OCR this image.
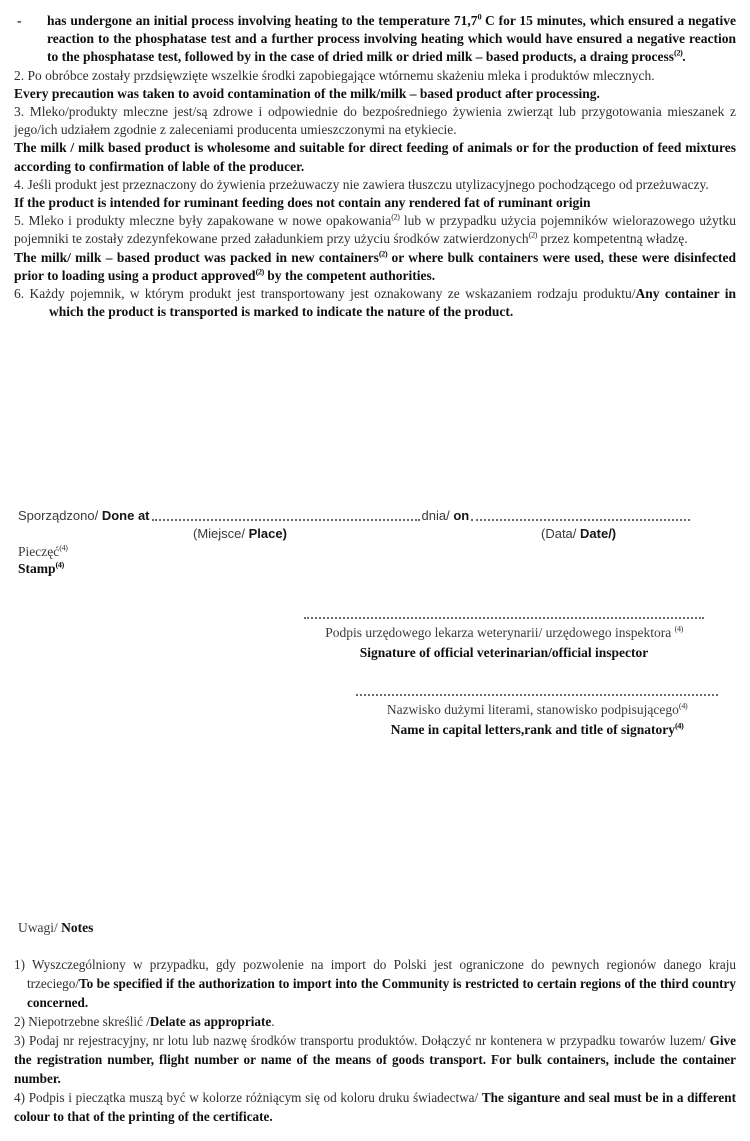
- has undergone an initial process involving heating to the temperature 71,7$^0$ C for 15 minutes, which ensured a negative reaction to the phosphatase test and a further process involving heating which would have ensured a negative reaction to the phosphatase test, followed by in the case of dried milk or dried milk – based products, a draing process$^{(2)}$.

2. Po obróbce zostały przdsięwzięte wszelkie środki zapobiegające wtórnemu skażeniu mleka i produktów mlecznych.

Every precaution was taken to avoid contamination of the milk/milk – based product after processing.

3. Mleko/produkty mleczne jest/są zdrowe i odpowiednie do bezpośredniego żywienia zwierząt lub przygotowania mieszanek z jego/ich udziałem zgodnie z zaleceniami producenta umieszczonymi na etykiecie.

The milk / milk based product is wholesome and suitable for direct feeding of animals or for the production of feed mixtures according to confirmation of lable of the producer.

4. Jeśli produkt jest przeznaczony do żywienia przeżuwaczy nie zawiera tłuszczu utylizacyjnego pochodzącego od przeżuwaczy.

If the product is intended for ruminant feeding does not contain any rendered fat of ruminant origin

5. Mleko i produkty mleczne były zapakowane w nowe opakowania$^{(2)}$ lub w przypadku użycia pojemników wielorazowego użytku pojemniki te zostały zdezynfekowane przed załadunkiem przy użyciu środków zatwierdzonych$^{(2)}$ przez kompetentną władzę.

The milk/ milk – based product was packed in new containers$^{(2)}$ or where bulk containers were used, these were disinfected prior to loading using a product approved$^{(2)}$ by the competent authorities.

6. Każdy pojemnik, w którym produkt jest transportowany jest oznakowany ze wskazaniem rodzaju produktu/Any container in which the product is transported is marked to indicate the nature of the product.

Sporządzono/ Done at	dnia/ on
(Miejsce/ Place)	(Data/ Date/)
Pieczęć$^{(4)}$
Stamp$^{(4)}$
Podpis urzędowego lekarza weterynarii/ urzędowego inspektora $^{(4)}$
Signature of official veterinarian/official inspector
Nazwisko dużymi literami, stanowisko podpisującego$^{(4)}$
Name in capital letters,rank and title of signatory$^{(4)}$
Uwagi/ Notes

1) Wyszczególniony w przypadku, gdy pozwolenie na import do Polski jest ograniczone do pewnych regionów danego kraju trzeciego/To be specified if the authorization to import into the Community is restricted to certain regions of the third country concerned.

2) Niepotrzebne skreślić /Delate as appropriate.

3) Podaj nr rejestracyjny, nr lotu lub nazwę środków transportu produktów. Dołączyć nr kontenera w przypadku towarów luzem/ Give the registration number, flight number or name of the means of goods transport. For bulk containers, include the container number.

4) Podpis i pieczątka muszą być w kolorze różniącym się od koloru druku świadectwa/ The siganture and seal must be in a different colour to that of the printing of the certificate.
